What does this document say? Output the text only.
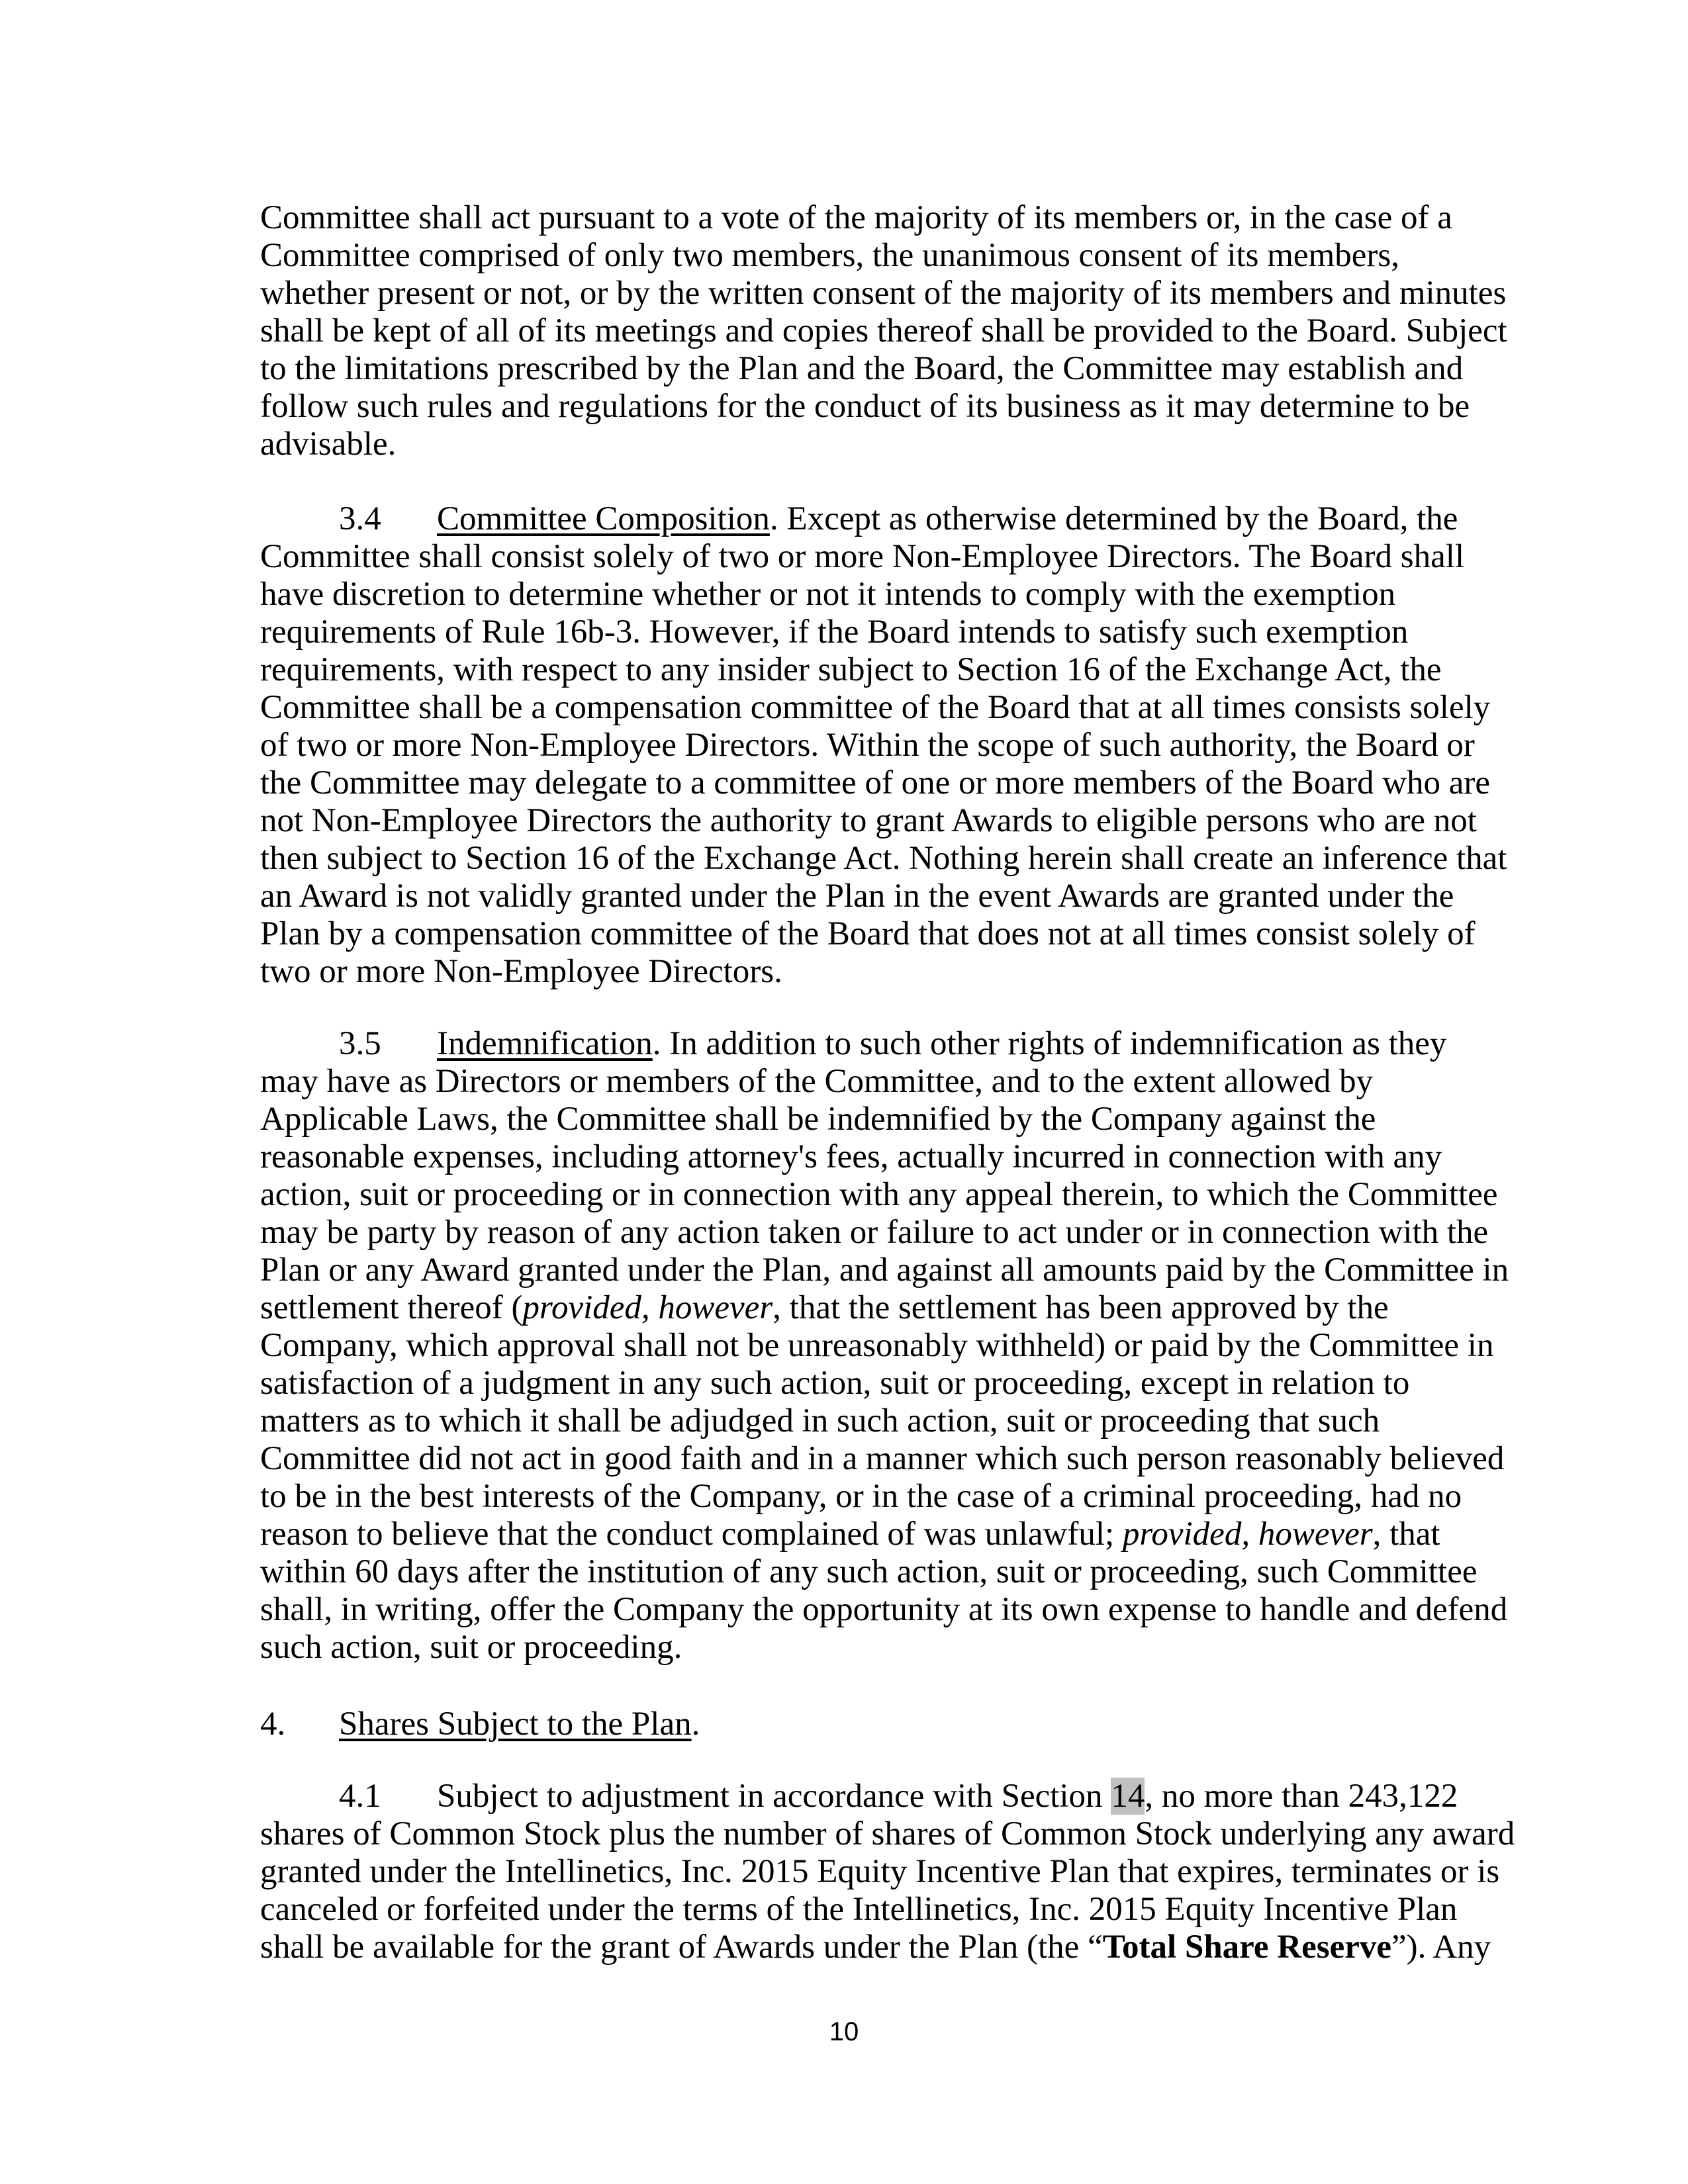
Committee shall act pursuant to a vote of the majority of its members or, in the case of a
Committee comprised of only two members, the unanimous consent of its members,
whether present or not, or by the written consent of the majority of its members and minutes
shall be kept of all of its meetings and copies thereof shall be provided to the Board. Subject
to the limitations prescribed by the Plan and the Board, the Committee may establish and
follow such rules and regulations for the conduct of its business as it may determine to be
advisable.

3.4

Committee Composition. Except as otherwise determined by the Board, the

Committee shall consist solely of two or more Non-Employee Directors. The Board shall
have discretion to determine whether or not it intends to comply with the exemption
requirements of Rule 16b-3. However, if the Board intends to satisfy such exemption
requirements, with respect to any insider subject to Section 16 of the Exchange Act, the
Committee shall be a compensation committee of the Board that at all times consists solely
of two or more Non-Employee Directors. Within the scope of such authority, the Board or
the Committee may delegate to a committee of one or more members of the Board who are
not Non-Employee Directors the authority to grant Awards to eligible persons who are not
then subject to Section 16 of the Exchange Act. Nothing herein shall create an inference that
an Award is not validly granted under the Plan in the event Awards are granted under the
Plan by a compensation committee of the Board that does not at all times consist solely of
two or more Non-Employee Directors.

3.5

Indemnification. In addition to such other rights of indemnification as they

may have as Directors or members of the Committee, and to the extent allowed by
Applicable Laws, the Committee shall be indemnified by the Company against the
reasonable expenses, including attorney's fees, actually incurred in connection with any
action, suit or proceeding or in connection with any appeal therein, to which the Committee
may be party by reason of any action taken or failure to act under or in connection with the
Plan or any Award granted under the Plan, and against all amounts paid by the Committee in
settlement thereof (provided, however, that the settlement has been approved by the
Company, which approval shall not be unreasonably withheld) or paid by the Committee in
satisfaction of a judgment in any such action, suit or proceeding, except in relation to
matters as to which it shall be adjudged in such action, suit or proceeding that such
Committee did not act in good faith and in a manner which such person reasonably believed
to be in the best interests of the Company, or in the case of a criminal proceeding, had no
reason to believe that the conduct complained of was unlawful; provided, however, that
within 60 days after the institution of any such action, suit or proceeding, such Committee
shall, in writing, offer the Company the opportunity at its own expense to handle and defend
such action, suit or proceeding.

4.

Shares Subject to the Plan.

4.1

Subject to adjustment in accordance with Section 14, no more than 243,122

shares of Common Stock plus the number of shares of Common Stock underlying any award
granted under the Intellinetics, Inc. 2015 Equity Incentive Plan that expires, terminates or is
canceled or forfeited under the terms of the Intellinetics, Inc. 2015 Equity Incentive Plan
shall be available for the grant of Awards under the Plan (the “Total Share Reserve”). Any
10
